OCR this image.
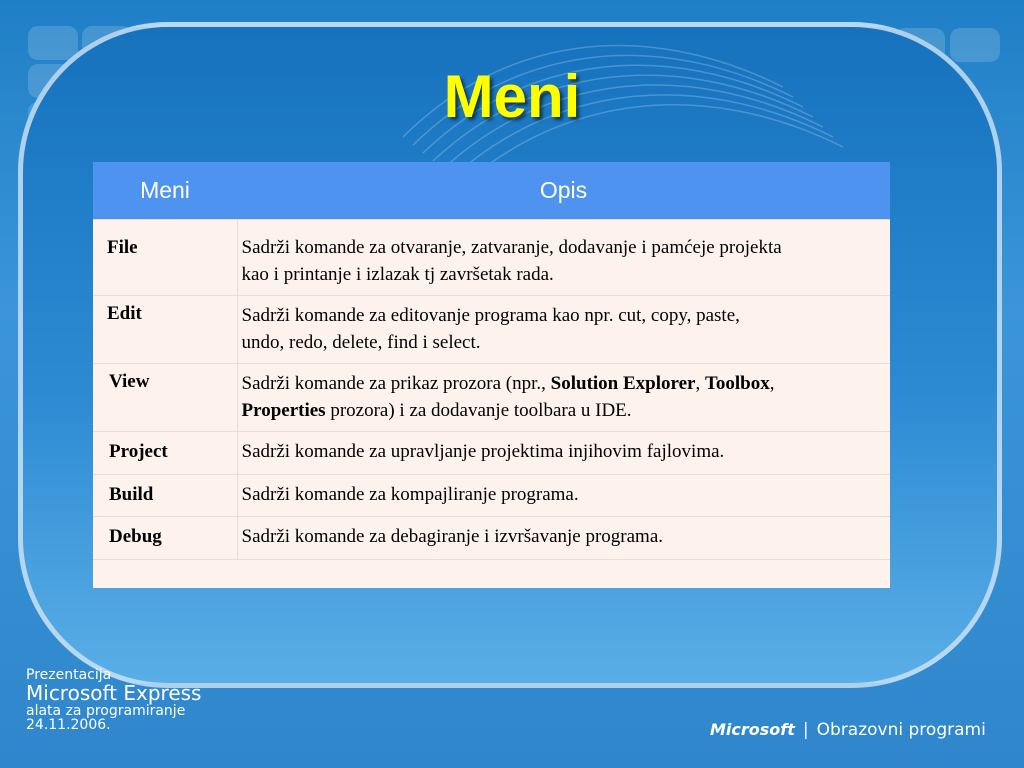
Meni
Meni	Opis
File	Sadrži komande za otvaranje, zatvaranje, dodavanje i pamćeje projekta
kao i printanje i izlazak tj završetak rada.
Edit	Sadrži komande za editovanje programa kao npr. cut, copy, paste,
undo, redo, delete, find i select.
View	Sadrži komande za prikaz prozora (npr., Solution Explorer, Toolbox,
Properties prozora) i za dodavanje toolbara u IDE.
Project	Sadrži komande za upravljanje projektima injihovim fajlovima.
Build	Sadrži komande za kompajliranje programa.
Debug	Sadrži komande za debagiranje i izvršavanje programa.

Prezentacija
Microsoft Express
alata za programiranje
24.11.2006.	Microsoft | Obrazovni programi
